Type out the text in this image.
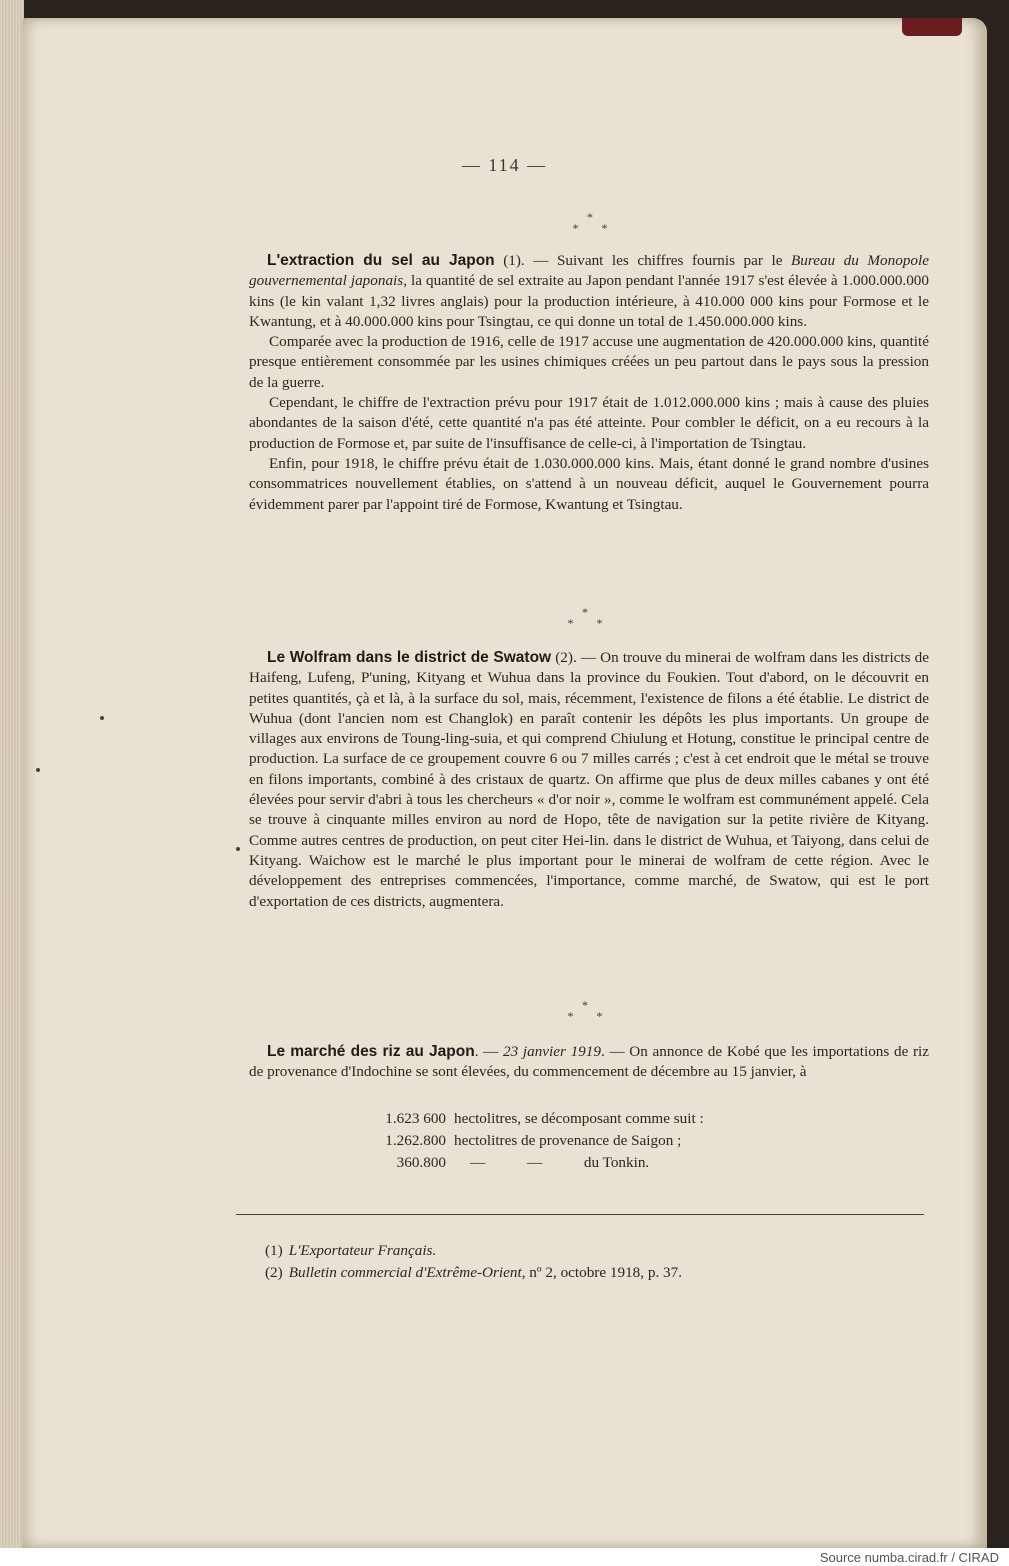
— 114 —
*
* *

L'extraction du sel au Japon (1). — Suivant les chiffres fournis par le Bureau du Monopole gouvernemental japonais, la quantité de sel extraite au Japon pendant l'année 1917 s'est élevée à 1.000.000.000 kins (le kin valant 1,32 livres anglais) pour la production intérieure, à 410.000 000 kins pour Formose et le Kwantung, et à 40.000.000 kins pour Tsingtau, ce qui donne un total de 1.450.000.000 kins.

Comparée avec la production de 1916, celle de 1917 accuse une augmentation de 420.000.000 kins, quantité presque entièrement consommée par les usines chimiques créées un peu partout dans le pays sous la pression de la guerre.

Cependant, le chiffre de l'extraction prévu pour 1917 était de 1.012.000.000 kins ; mais à cause des pluies abondantes de la saison d'été, cette quantité n'a pas été atteinte. Pour combler le déficit, on a eu recours à la production de Formose et, par suite de l'insuffisance de celle-ci, à l'importation de Tsingtau.

Enfin, pour 1918, le chiffre prévu était de 1.030.000.000 kins. Mais, étant donné le grand nombre d'usines consommatrices nouvellement établies, on s'attend à un nouveau déficit, auquel le Gouvernement pourra évidemment parer par l'appoint tiré de Formose, Kwantung et Tsingtau.

*
* *

Le Wolfram dans le district de Swatow (2). — On trouve du minerai de wolfram dans les districts de Haifeng, Lufeng, P'uning, Kityang et Wuhua dans la province du Foukien. Tout d'abord, on le découvrit en petites quantités, çà et là, à la surface du sol, mais, récemment, l'existence de filons a été établie. Le district de Wuhua (dont l'ancien nom est Changlok) en paraît contenir les dépôts les plus importants. Un groupe de villages aux environs de Toung-ling-suia, et qui comprend Chiulung et Hotung, constitue le principal centre de production. La surface de ce groupement couvre 6 ou 7 milles carrés ; c'est à cet endroit que le métal se trouve en filons importants, combiné à des cristaux de quartz. On affirme que plus de deux milles cabanes y ont été élevées pour servir d'abri à tous les chercheurs « d'or noir », comme le wolfram est communément appelé. Cela se trouve à cinquante milles environ au nord de Hopo, tête de navigation sur la petite rivière de Kityang. Comme autres centres de production, on peut citer Hei-lin. dans le district de Wuhua, et Taiyong, dans celui de Kityang. Waichow est le marché le plus important pour le minerai de wolfram de cette région. Avec le développement des entreprises commencées, l'importance, comme marché, de Swatow, qui est le port d'exportation de ces districts, augmentera.

*
* *

Le marché des riz au Japon. — 23 janvier 1919. — On annonce de Kobé que les importations de riz de provenance d'Indochine se sont élevées, du commencement de décembre au 15 janvier, à

1.623 600 hectolitres, se décomposant comme suit :
1.262.800 hectolitres de provenance de Saigon ;
360.800	—           —           du Tonkin.
(1) L'Exportateur Français.
(2) Bulletin commercial d'Extrême-Orient, nº 2, octobre 1918, p. 37.
Source numba.cirad.fr / CIRAD
